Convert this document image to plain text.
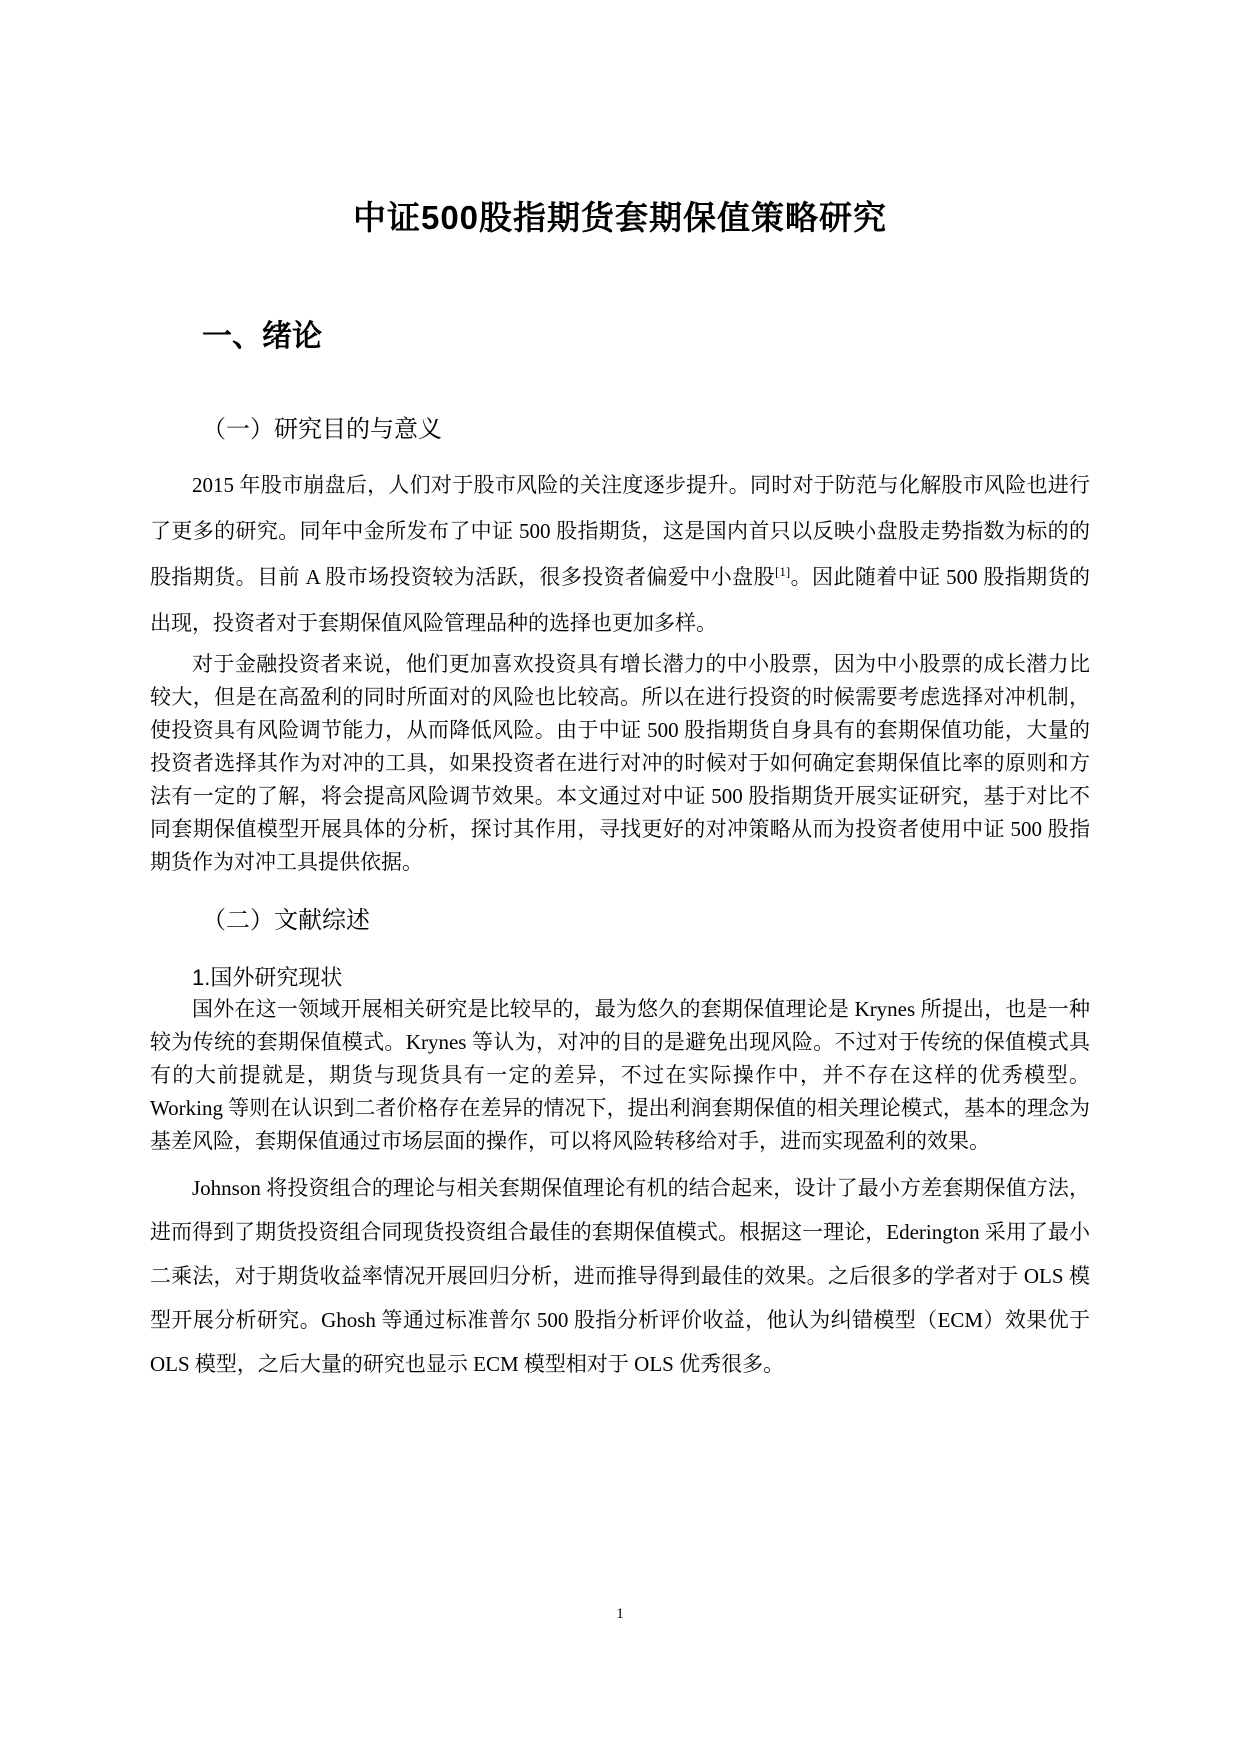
中证500股指期货套期保值策略研究
一、绪论
（一）研究目的与意义

2015 年股市崩盘后，人们对于股市风险的关注度逐步提升。同时对于防范与化解股市风险也进行了更多的研究。同年中金所发布了中证 500 股指期货，这是国内首只以反映小盘股走势指数为标的的股指期货。目前 A 股市场投资较为活跃，很多投资者偏爱中小盘股[1]。因此随着中证 500 股指期货的出现，投资者对于套期保值风险管理品种的选择也更加多样。

对于金融投资者来说，他们更加喜欢投资具有增长潜力的中小股票，因为中小股票的成长潜力比较大，但是在高盈利的同时所面对的风险也比较高。所以在进行投资的时候需要考虑选择对冲机制，使投资具有风险调节能力，从而降低风险。由于中证 500 股指期货自身具有的套期保值功能，大量的投资者选择其作为对冲的工具，如果投资者在进行对冲的时候对于如何确定套期保值比率的原则和方法有一定的了解，将会提高风险调节效果。本文通过对中证 500 股指期货开展实证研究，基于对比不同套期保值模型开展具体的分析，探讨其作用，寻找更好的对冲策略从而为投资者使用中证 500 股指期货作为对冲工具提供依据。

（二）文献综述
1.国外研究现状

国外在这一领域开展相关研究是比较早的，最为悠久的套期保值理论是 Krynes 所提出，也是一种较为传统的套期保值模式。Krynes 等认为，对冲的目的是避免出现风险。不过对于传统的保值模式具有的大前提就是，期货与现货具有一定的差异，不过在实际操作中，并不存在这样的优秀模型。Working 等则在认识到二者价格存在差异的情况下，提出利润套期保值的相关理论模式，基本的理念为基差风险，套期保值通过市场层面的操作，可以将风险转移给对手，进而实现盈利的效果。

Johnson 将投资组合的理论与相关套期保值理论有机的结合起来，设计了最小方差套期保值方法，进而得到了期货投资组合同现货投资组合最佳的套期保值模式。根据这一理论，Ederington 采用了最小二乘法，对于期货收益率情况开展回归分析，进而推导得到最佳的效果。之后很多的学者对于 OLS 模型开展分析研究。Ghosh 等通过标准普尔 500 股指分析评价收益，他认为纠错模型（ECM）效果优于 OLS 模型，之后大量的研究也显示 ECM 模型相对于 OLS 优秀很多。

1
